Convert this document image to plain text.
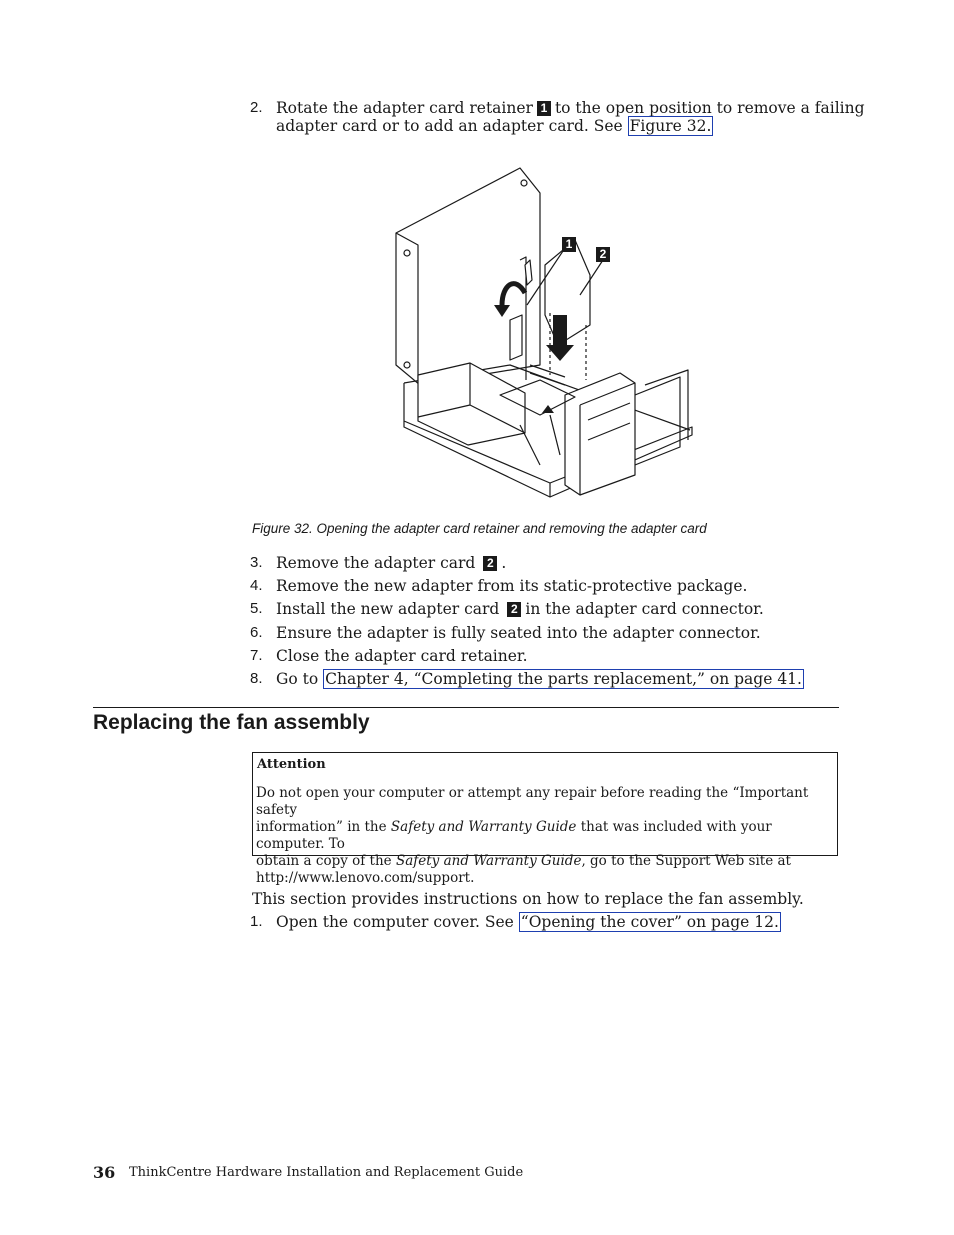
2. Rotate the adapter card retainer 1 to the open position to remove a failing
adapter card or to add an adapter card. See Figure 32.
1
2
Figure 32. Opening the adapter card retainer and removing the adapter card
3. Remove the adapter card 2 .
4. Remove the new adapter from its static-protective package.
5. Install the new adapter card 2 in the adapter card connector.
6. Ensure the adapter is fully seated into the adapter connector.
7. Close the adapter card retainer.
8. Go to Chapter 4, “Completing the parts replacement,” on page 41.
Replacing the fan assembly
Attention
Do not open your computer or attempt any repair before reading the “Important safety
information” in the Safety and Warranty Guide that was included with your computer. To
obtain a copy of the Safety and Warranty Guide, go to the Support Web site at
http://www.lenovo.com/support.
This section provides instructions on how to replace the fan assembly.
1. Open the computer cover. See “Opening the cover” on page 12.
36 ThinkCentre Hardware Installation and Replacement Guide
